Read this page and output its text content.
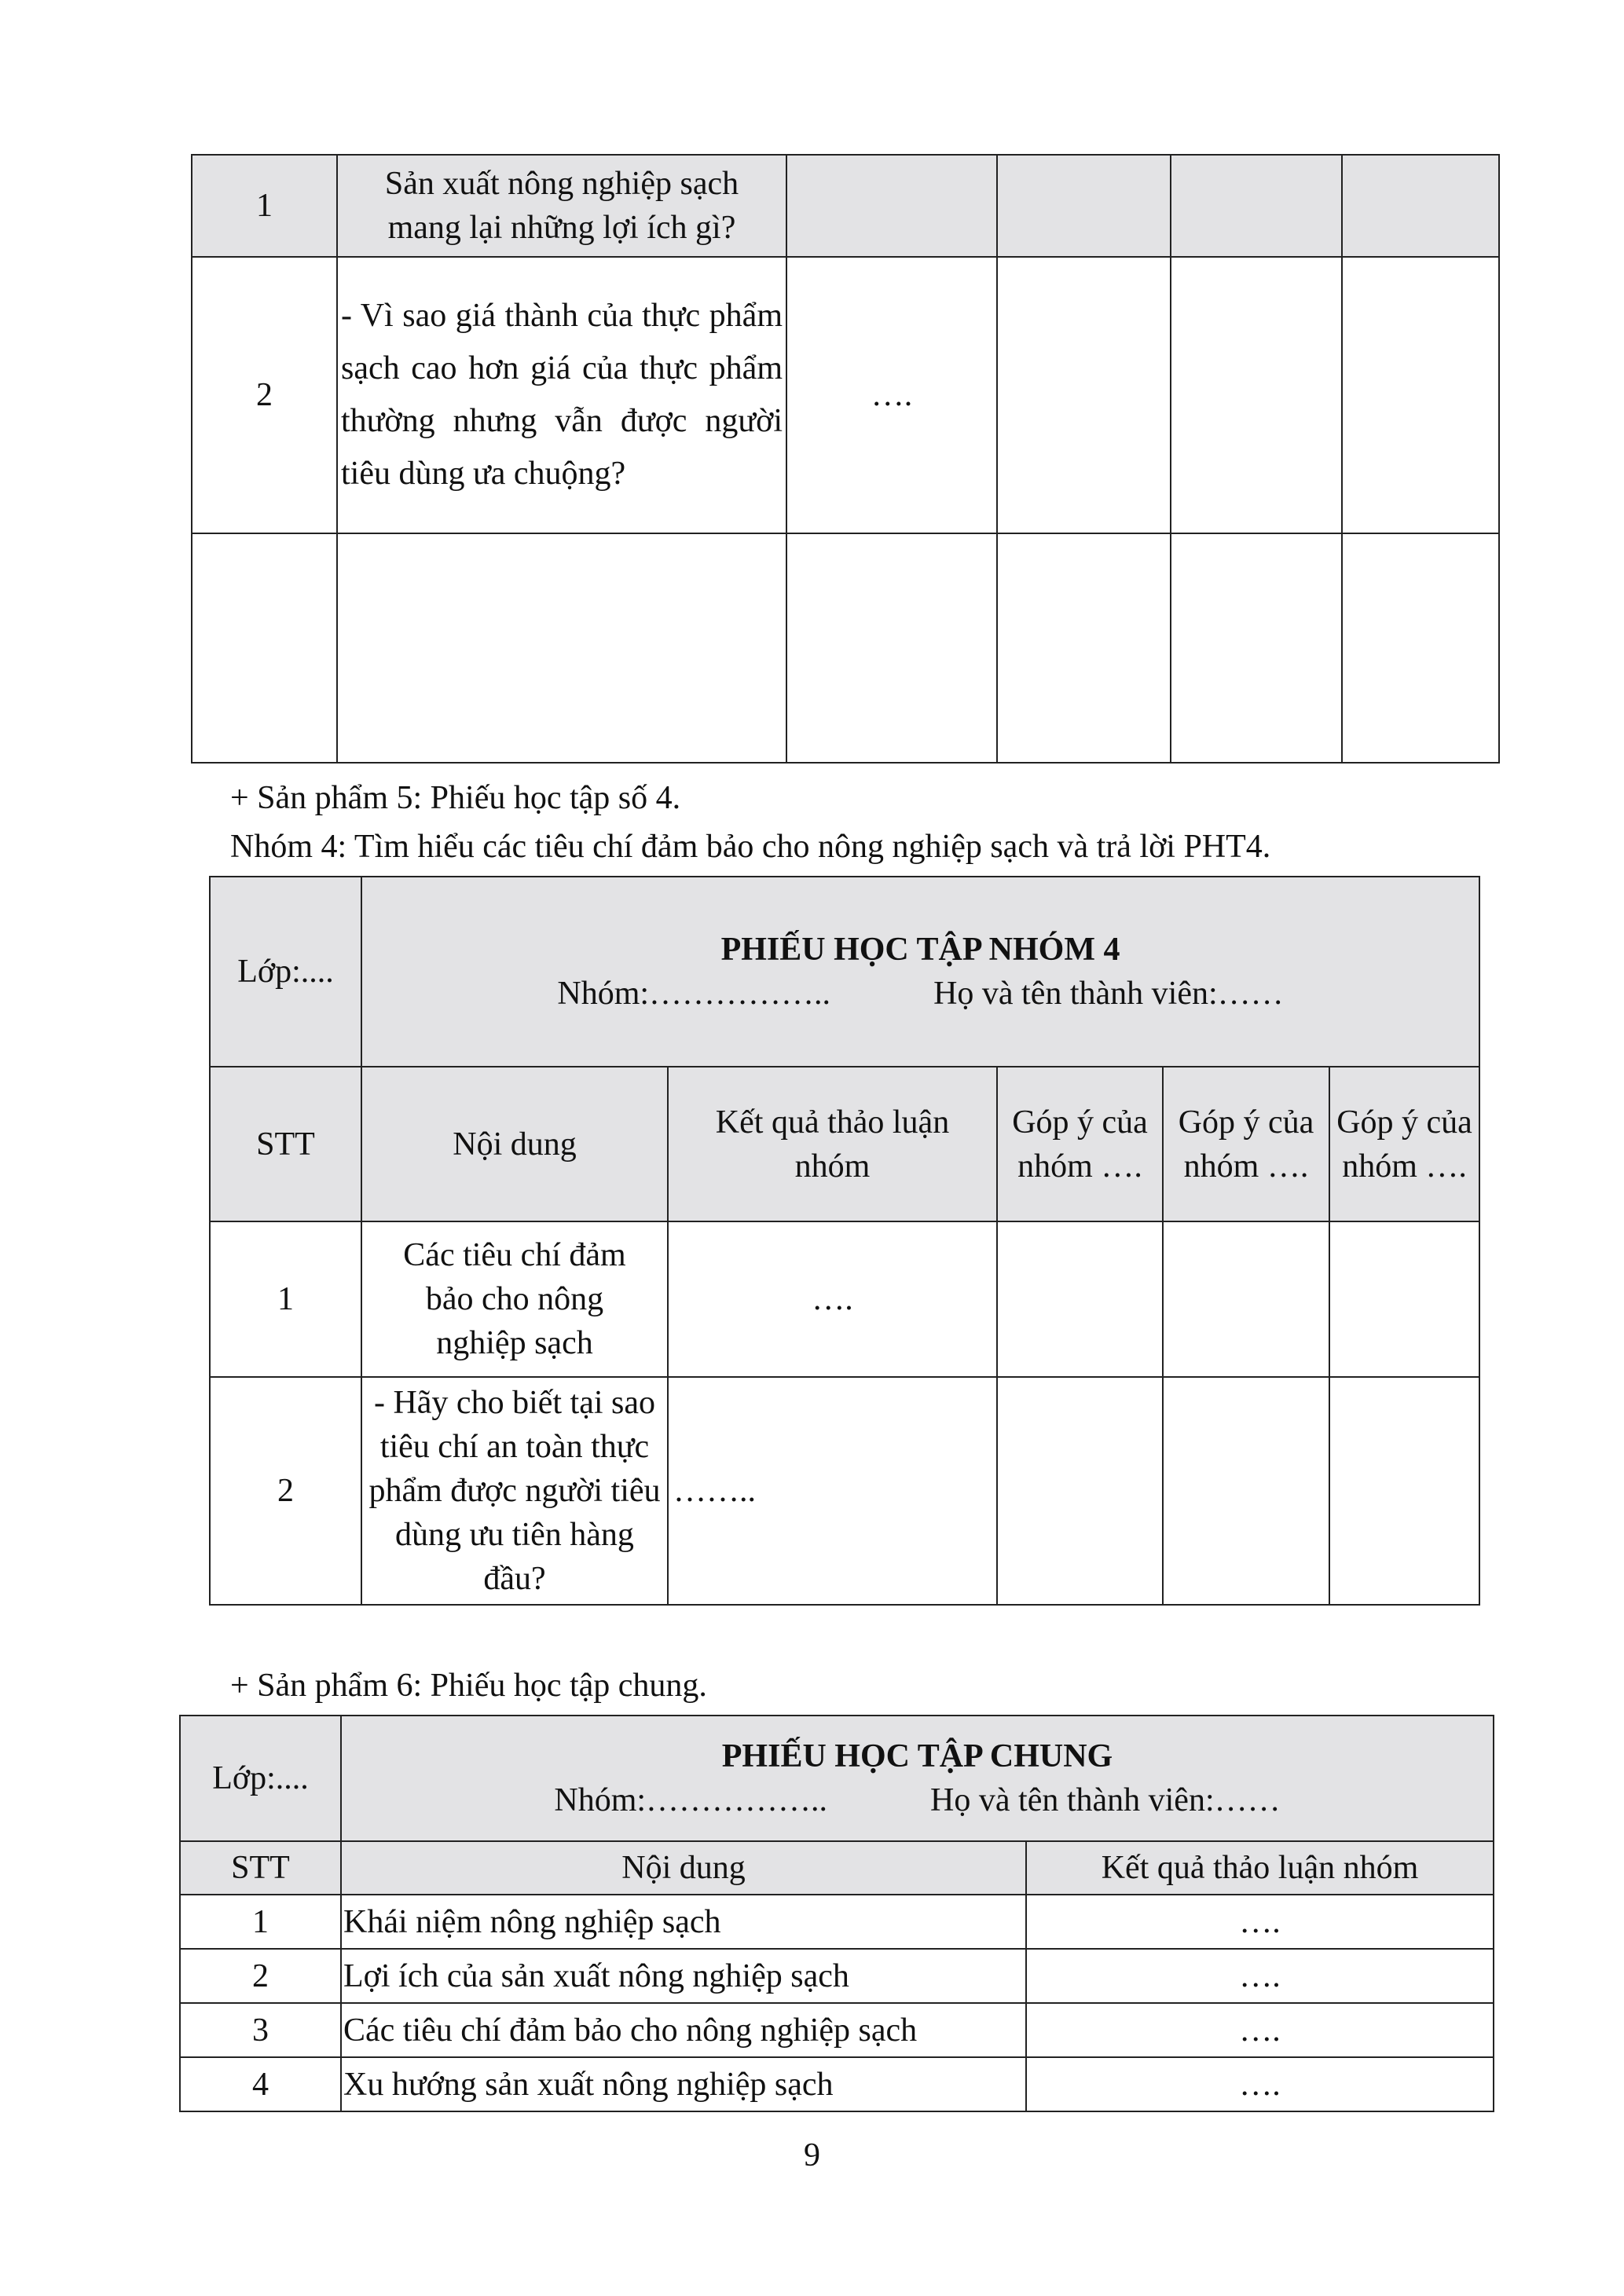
1	Sản xuất nông nghiệp sạch mang lại những lợi ích gì?				
2	- Vì sao giá thành của thực phẩm sạch cao hơn giá của thực phẩm thường nhưng vẫn được người tiêu dùng ưa chuộng?	….			

+ Sản phẩm 5: Phiếu học tập số 4.
Nhóm 4: Tìm hiểu các tiêu chí đảm bảo cho nông nghiệp sạch và trả lời PHT4.
Lớp:....	PHIẾU HỌC TẬP NHÓM 4
Nhóm:…………….. Họ và tên thành viên:……				

STT	Nội dung	Kết quả thảo luận nhóm	Góp ý của nhóm ….	Góp ý của nhóm ….	Góp ý của nhóm ….
1	Các tiêu chí đảm bảo cho nông nghiệp sạch	….			
2	- Hãy cho biết tại sao tiêu chí an toàn thực phẩm được người tiêu dùng ưu tiên hàng đầu?	……..			
+ Sản phẩm 6: Phiếu học tập chung.
Lớp:....	PHIẾU HỌC TẬP CHUNG
Nhóm:…………….. Họ và tên thành viên:……	

STT	Nội dung	Kết quả thảo luận nhóm
1	Khái niệm nông nghiệp sạch	….
2	Lợi ích của sản xuất nông nghiệp sạch	….
3	Các tiêu chí đảm bảo cho nông nghiệp sạch	….
4	Xu hướng sản xuất nông nghiệp sạch	….
9
